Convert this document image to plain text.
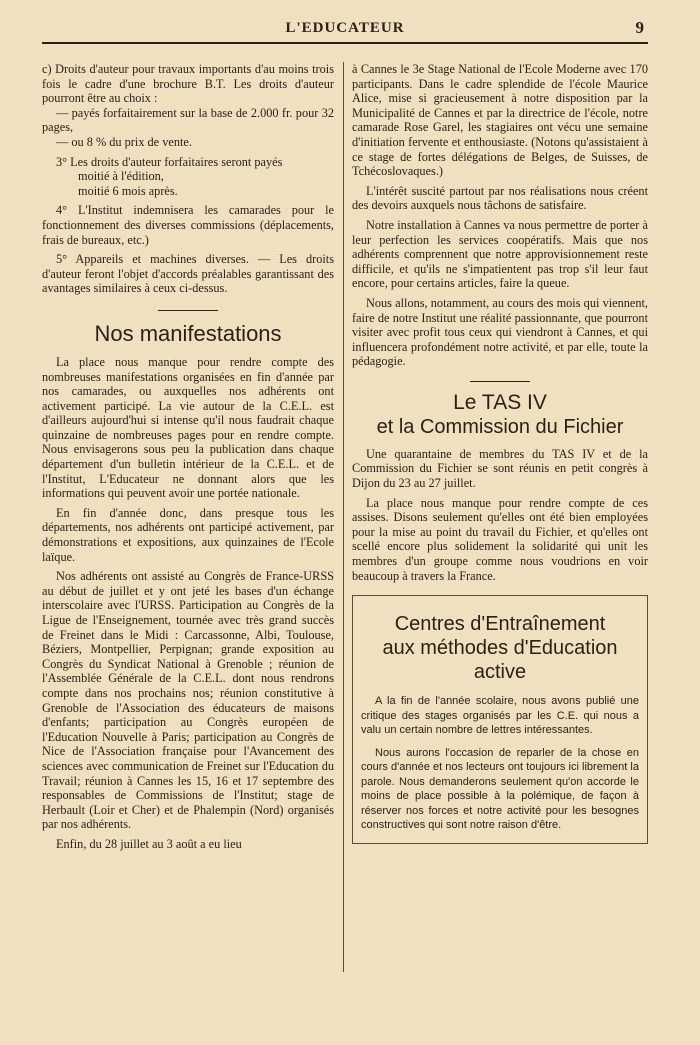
L'EDUCATEUR	9

c) Droits d'auteur pour travaux importants d'au moins trois fois le cadre d'une brochure B.T. Les droits d'auteur pourront être au choix :

— payés forfaitairement sur la base de 2.000 fr. pour 32 pages,

— ou 8 % du prix de vente.

3° Les droits d'auteur forfaitaires seront payés

moitié à l'édition,

moitié 6 mois après.

4° L'Institut indemnisera les camarades pour le fonctionnement des diverses commissions (déplacements, frais de bureaux, etc.)

5° Appareils et machines diverses. — Les droits d'auteur feront l'objet d'accords préalables garantissant des avantages similaires à ceux ci-dessus.

Nos manifestations

La place nous manque pour rendre compte des nombreuses manifestations organisées en fin d'année par nos camarades, ou auxquelles nos adhérents ont activement participé. La vie autour de la C.E.L. est d'ailleurs aujourd'hui si intense qu'il nous faudrait chaque quinzaine de nombreuses pages pour en rendre compte. Nous envisagerons sous peu la publication dans chaque département d'un bulletin intérieur de la C.E.L. et de l'Institut, L'Educateur ne donnant alors que les informations qui peuvent avoir une portée nationale.

En fin d'année donc, dans presque tous les départements, nos adhérents ont participé activement, par démonstrations et expositions, aux quinzaines de l'Ecole laïque.

Nos adhérents ont assisté au Congrès de France-URSS au début de juillet et y ont jeté les bases d'un échange interscolaire avec l'URSS. Participation au Congrès de la Ligue de l'Enseignement, tournée avec très grand succès de Freinet dans le Midi : Carcassonne, Albi, Toulouse, Béziers, Montpellier, Perpignan; grande exposition au Congrès du Syndicat National à Grenoble ; réunion de l'Assemblée Générale de la C.E.L. dont nous rendrons compte dans nos prochains nos; réunion constitutive à Grenoble de l'Association des éducateurs de maisons d'enfants; participation au Congrès européen de l'Education Nouvelle à Paris; participation au Congrès de Nice de l'Association française pour l'Avancement des sciences avec communication de Freinet sur l'Education du Travail; réunion à Cannes les 15, 16 et 17 septembre des responsables de Commissions de l'Institut; stage de Herbault (Loir et Cher) et de Phalempin (Nord) organisés par nos adhérents.

Enfin, du 28 juillet au 3 août a eu lieu

à Cannes le 3e Stage National de l'Ecole Moderne avec 170 participants. Dans le cadre splendide de l'école Maurice Alice, mise si gracieusement à notre disposition par la Municipalité de Cannes et par la directrice de l'école, notre camarade Rose Garel, les stagiaires ont vécu une semaine d'initiation fervente et enthousiaste. (Notons qu'assistaient à ce stage de fortes délégations de Belges, de Suisses, de Tchécoslovaques.)

L'intérêt suscité partout par nos réalisations nous créent des devoirs auxquels nous tâchons de satisfaire.

Notre installation à Cannes va nous permettre de porter à leur perfection les services coopératifs. Mais que nos adhérents comprennent que notre approvisionnement reste difficile, et qu'ils ne s'impatientent pas trop s'il leur faut encore, pour certains articles, faire la queue.

Nous allons, notamment, au cours des mois qui viennent, faire de notre Institut une réalité passionnante, que pourront visiter avec profit tous ceux qui viendront à Cannes, et qui influencera profondément notre activité, et par elle, toute la pédagogie.

Le TAS IV
et la Commission du Fichier

Une quarantaine de membres du TAS IV et de la Commission du Fichier se sont réunis en petit congrès à Dijon du 23 au 27 juillet.

La place nous manque pour rendre compte de ces assises. Disons seulement qu'elles ont été bien employées pour la mise au point du travail du Fichier, et qu'elles ont scellé encore plus solidement la solidarité qui unit les membres d'un groupe comme nous voudrions en voir beaucoup à travers la France.

Centres d'Entraînement
aux méthodes d'Education
active

A la fin de l'année scolaire, nous avons publié une critique des stages organisés par les C.E. qui nous a valu un certain nombre de lettres intéressantes.

Nous aurons l'occasion de reparler de la chose en cours d'année et nos lecteurs ont toujours ici librement la parole. Nous demanderons seulement qu'on accorde le moins de place possible à la polémique, de façon à réserver nos forces et notre activité pour les besognes constructives qui sont notre raison d'être.
